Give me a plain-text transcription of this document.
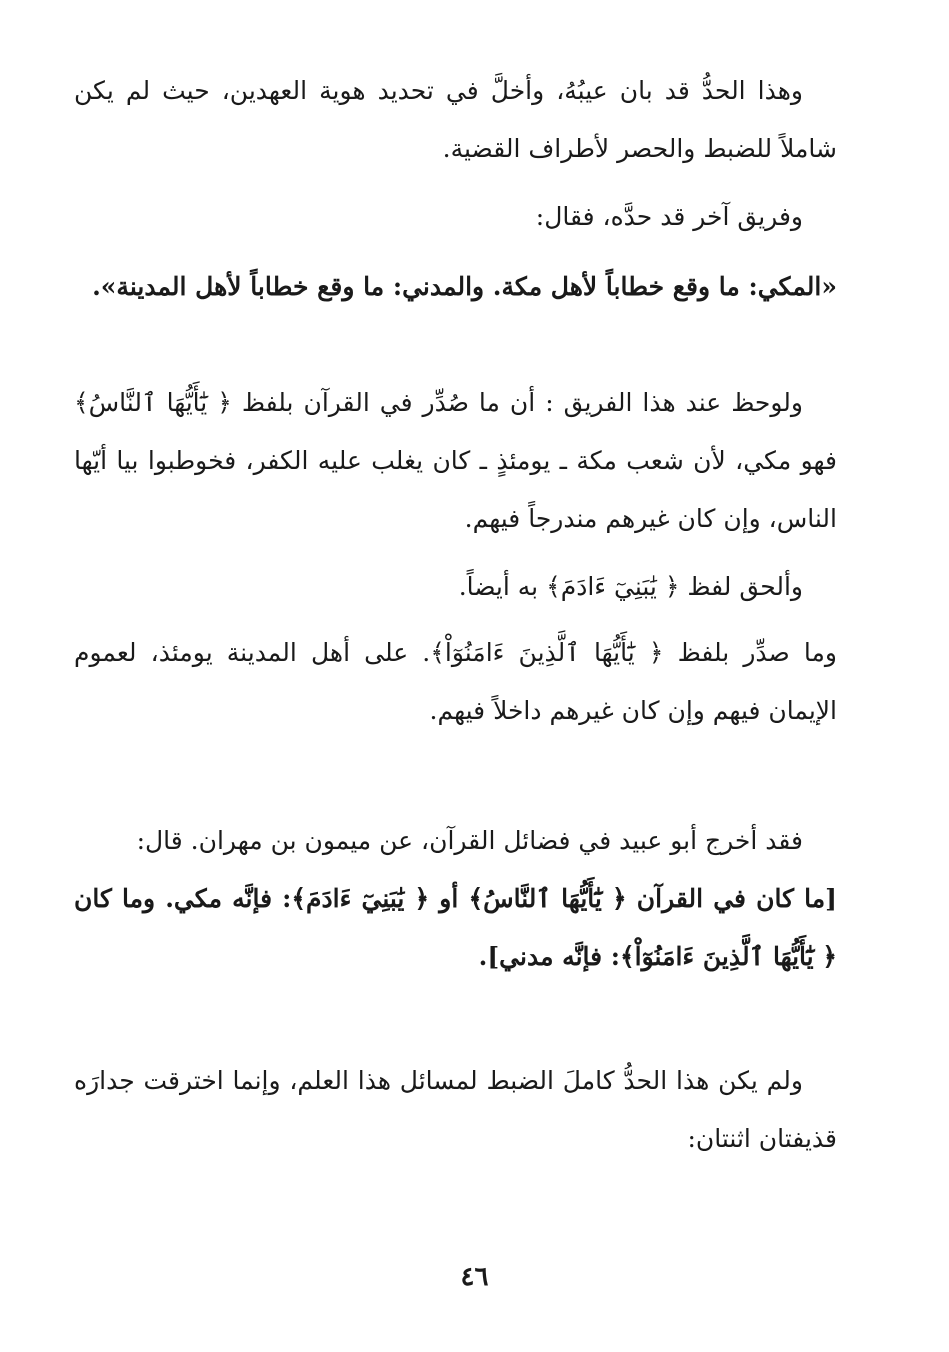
وهذا الحدُّ قد بان عيبُهُ، وأخلَّ في تحديد هوية العهدين، حيث لم يكن شاملاً للضبط والحصر لأطراف القضية.

وفريق آخر قد حدَّه، فقال:

«المكي: ما وقع خطاباً لأهل مكة. والمدني: ما وقع خطاباً لأهل المدينة».

ولوحظ عند هذا الفريق : أن ما صُدِّر في القرآن بلفظ ﴿ يَٰٓأَيُّهَا ٱلنَّاسُ﴾ فهو مكي، لأن شعب مكة ـ يومئذٍ ـ كان يغلب عليه الكفر، فخوطبوا بيا أيّها الناس، وإن كان غيرهم مندرجاً فيهم.

وألحق لفظ ﴿ يَٰبَنِيٓ ءَادَمَ﴾ به أيضاً.

وما صدِّر بلفظ ﴿ يَٰٓأَيُّهَا ٱلَّذِينَ ءَامَنُوٓاْ﴾. على أهل المدينة يومئذ، لعموم الإيمان فيهم وإن كان غيرهم داخلاً فيهم.

فقد أخرج أبو عبيد في فضائل القرآن، عن ميمون بن مهران. قال:

[ما كان في القرآن ﴿ يَٰٓأَيُّهَا ٱلنَّاسُ﴾ أو ﴿ يَٰبَنِيٓ ءَادَمَ﴾: فإنَّه مكي. وما كان ﴿ يَٰٓأَيُّهَا ٱلَّذِينَ ءَامَنُوٓاْ﴾: فإنَّه مدني].

ولم يكن هذا الحدُّ كاملَ الضبط لمسائل هذا العلم، وإنما اخترقت جدارَه قذيفتان اثنتان:

٤٦
